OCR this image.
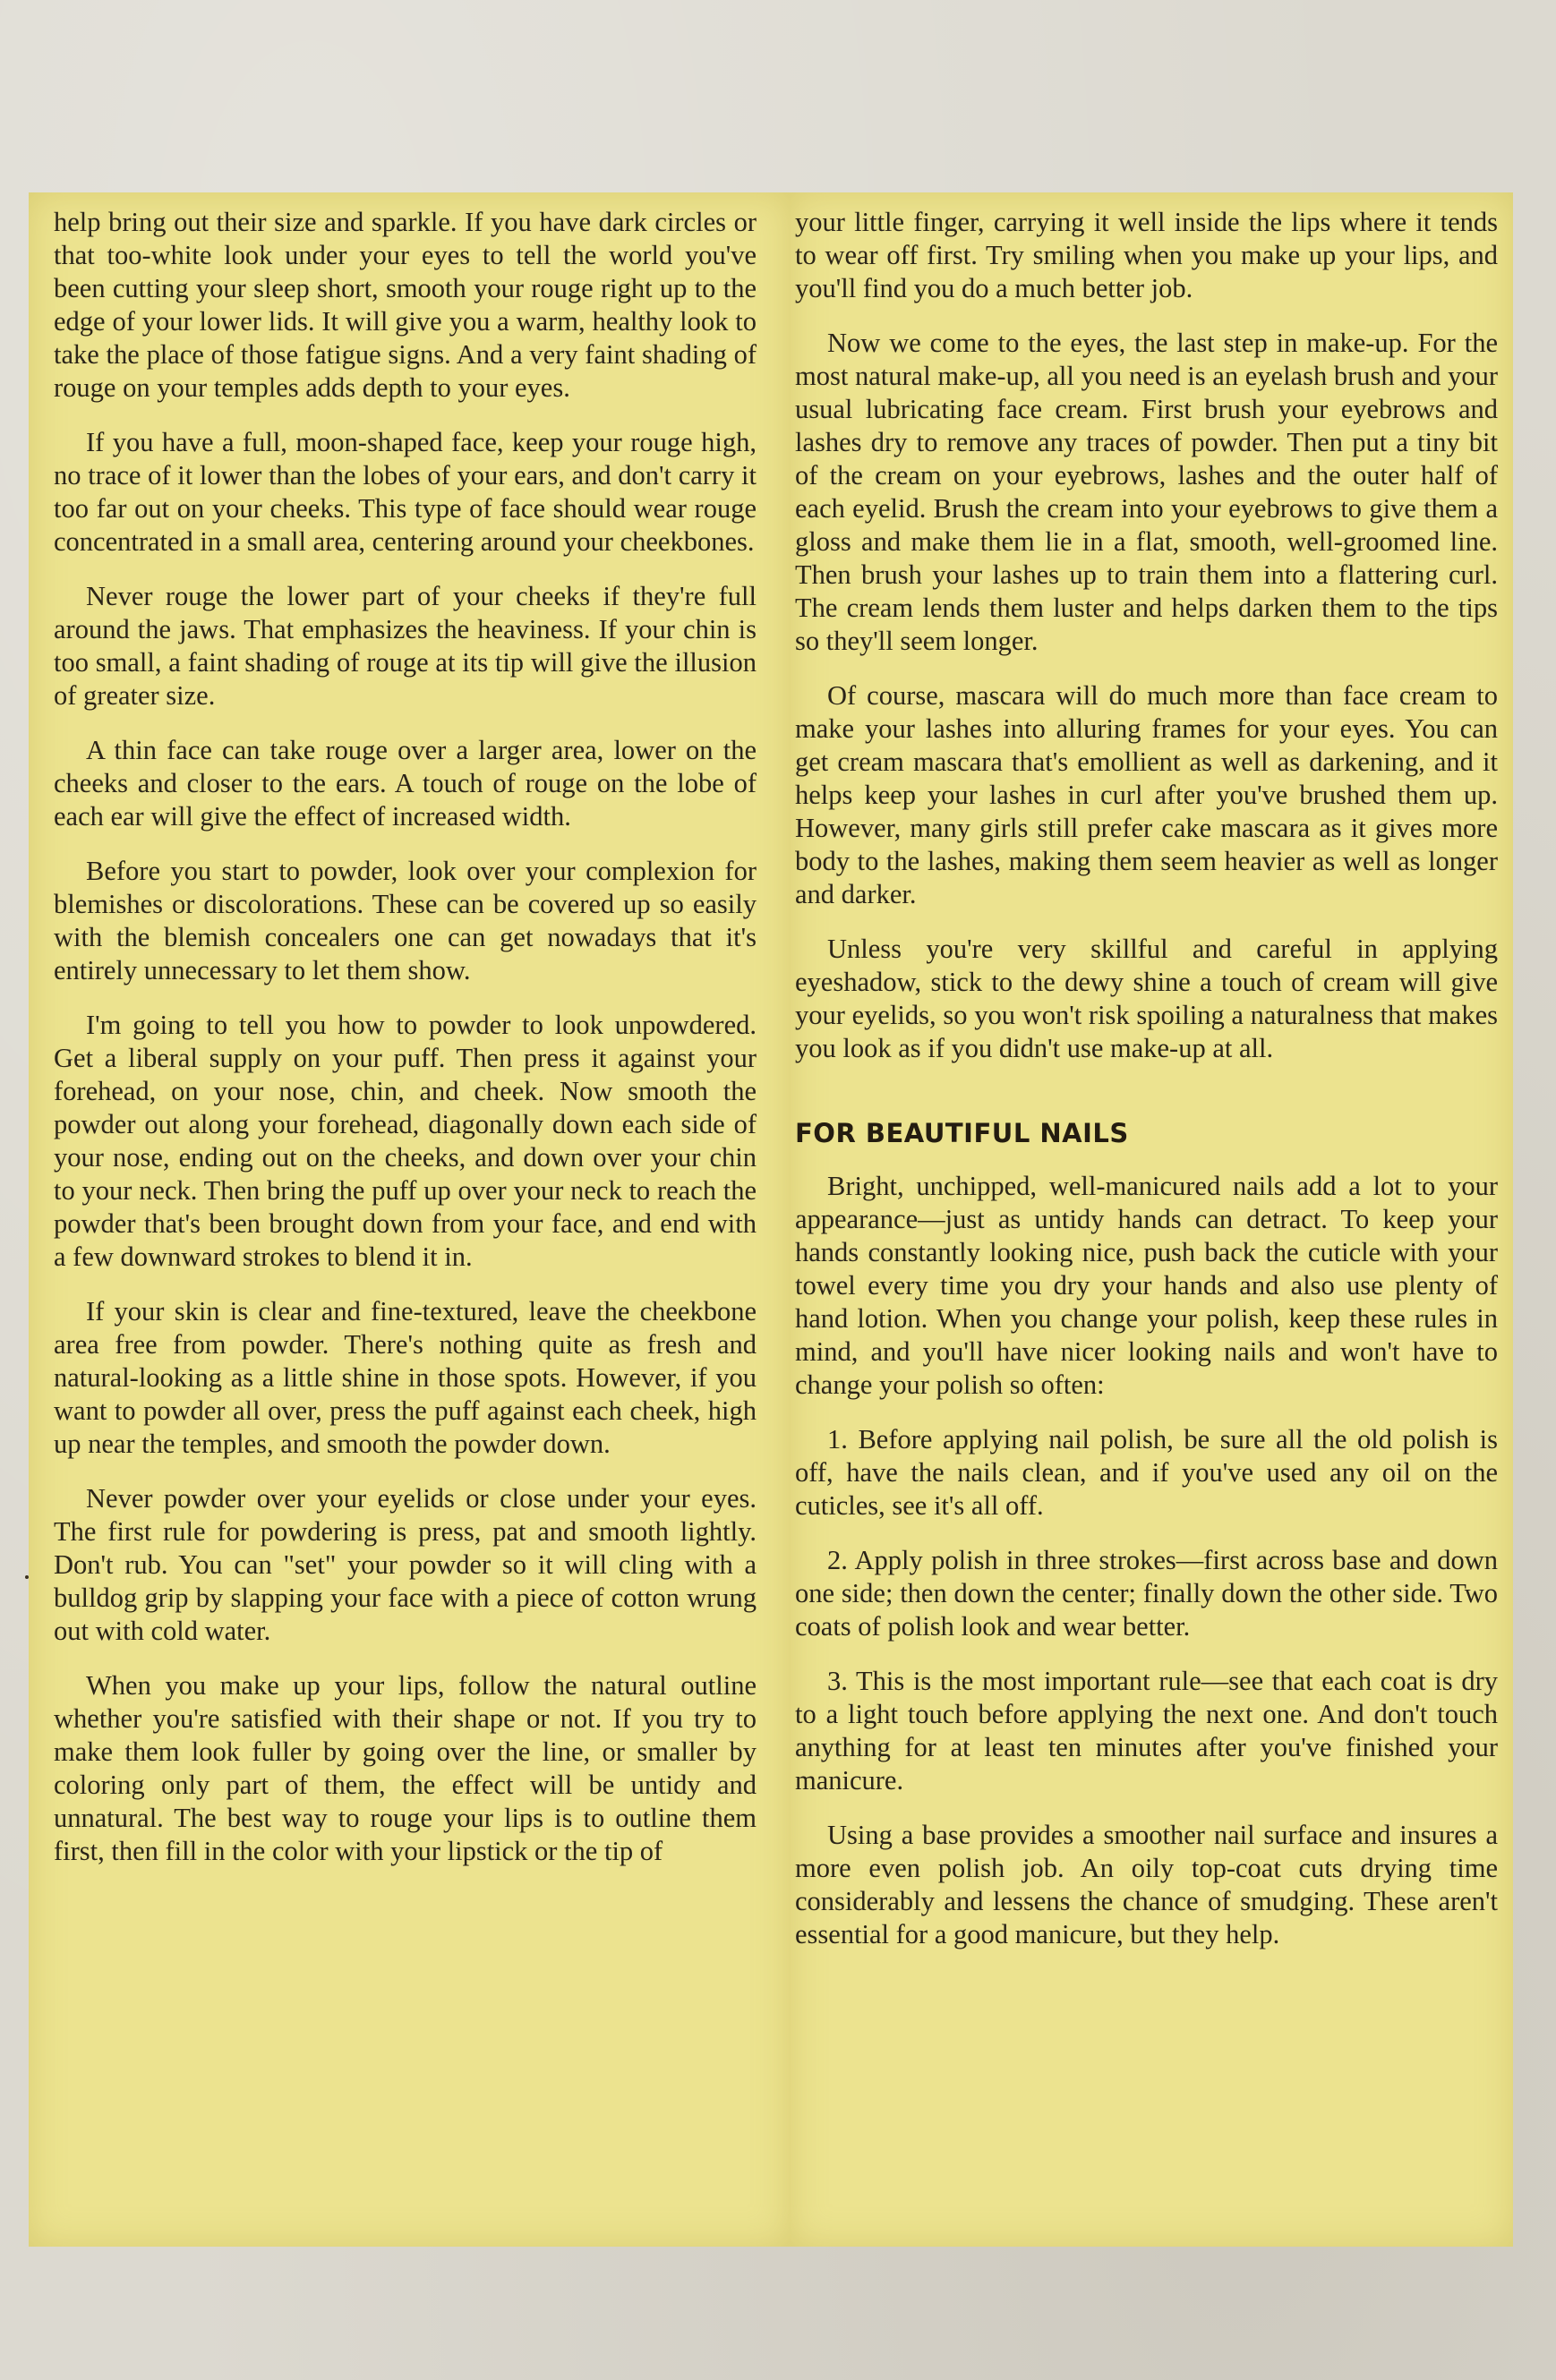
help bring out their size and sparkle. If you have dark circles or that too-white look under your eyes to tell the world you've been cutting your sleep short, smooth your rouge right up to the edge of your lower lids. It will give you a warm, healthy look to take the place of those fatigue signs. And a very faint shading of rouge on your temples adds depth to your eyes.

If you have a full, moon-shaped face, keep your rouge high, no trace of it lower than the lobes of your ears, and don't carry it too far out on your cheeks. This type of face should wear rouge concentrated in a small area, centering around your cheekbones.

Never rouge the lower part of your cheeks if they're full around the jaws. That emphasizes the heaviness. If your chin is too small, a faint shading of rouge at its tip will give the illusion of greater size.

A thin face can take rouge over a larger area, lower on the cheeks and closer to the ears. A touch of rouge on the lobe of each ear will give the effect of increased width.

Before you start to powder, look over your complexion for blemishes or discolorations. These can be covered up so easily with the blemish concealers one can get nowadays that it's entirely unnecessary to let them show.

I'm going to tell you how to powder to look unpowdered. Get a liberal supply on your puff. Then press it against your forehead, on your nose, chin, and cheek. Now smooth the powder out along your forehead, diagonally down each side of your nose, ending out on the cheeks, and down over your chin to your neck. Then bring the puff up over your neck to reach the powder that's been brought down from your face, and end with a few downward strokes to blend it in.

If your skin is clear and fine-textured, leave the cheekbone area free from powder. There's nothing quite as fresh and natural-looking as a little shine in those spots. However, if you want to powder all over, press the puff against each cheek, high up near the temples, and smooth the powder down.

Never powder over your eyelids or close under your eyes. The first rule for powdering is press, pat and smooth lightly. Don't rub. You can "set" your powder so it will cling with a bulldog grip by slapping your face with a piece of cotton wrung out with cold water.

When you make up your lips, follow the natural outline whether you're satisfied with their shape or not. If you try to make them look fuller by going over the line, or smaller by coloring only part of them, the effect will be untidy and unnatural. The best way to rouge your lips is to outline them first, then fill in the color with your lipstick or the tip of

your little finger, carrying it well inside the lips where it tends to wear off first. Try smiling when you make up your lips, and you'll find you do a much better job.

Now we come to the eyes, the last step in make-up. For the most natural make-up, all you need is an eyelash brush and your usual lubricating face cream. First brush your eyebrows and lashes dry to remove any traces of powder. Then put a tiny bit of the cream on your eyebrows, lashes and the outer half of each eyelid. Brush the cream into your eyebrows to give them a gloss and make them lie in a flat, smooth, well-groomed line. Then brush your lashes up to train them into a flattering curl. The cream lends them luster and helps darken them to the tips so they'll seem longer.

Of course, mascara will do much more than face cream to make your lashes into alluring frames for your eyes. You can get cream mascara that's emollient as well as darkening, and it helps keep your lashes in curl after you've brushed them up. However, many girls still prefer cake mascara as it gives more body to the lashes, making them seem heavier as well as longer and darker.

Unless you're very skillful and careful in applying eyeshadow, stick to the dewy shine a touch of cream will give your eyelids, so you won't risk spoiling a naturalness that makes you look as if you didn't use make-up at all.

FOR BEAUTIFUL NAILS

Bright, unchipped, well-manicured nails add a lot to your appearance—just as untidy hands can detract. To keep your hands constantly looking nice, push back the cuticle with your towel every time you dry your hands and also use plenty of hand lotion. When you change your polish, keep these rules in mind, and you'll have nicer looking nails and won't have to change your polish so often:

1. Before applying nail polish, be sure all the old polish is off, have the nails clean, and if you've used any oil on the cuticles, see it's all off.

2. Apply polish in three strokes—first across base and down one side; then down the center; finally down the other side. Two coats of polish look and wear better.

3. This is the most important rule—see that each coat is dry to a light touch before applying the next one. And don't touch anything for at least ten minutes after you've finished your manicure.

Using a base provides a smoother nail surface and insures a more even polish job. An oily top-coat cuts drying time considerably and lessens the chance of smudging. These aren't essential for a good manicure, but they help.
